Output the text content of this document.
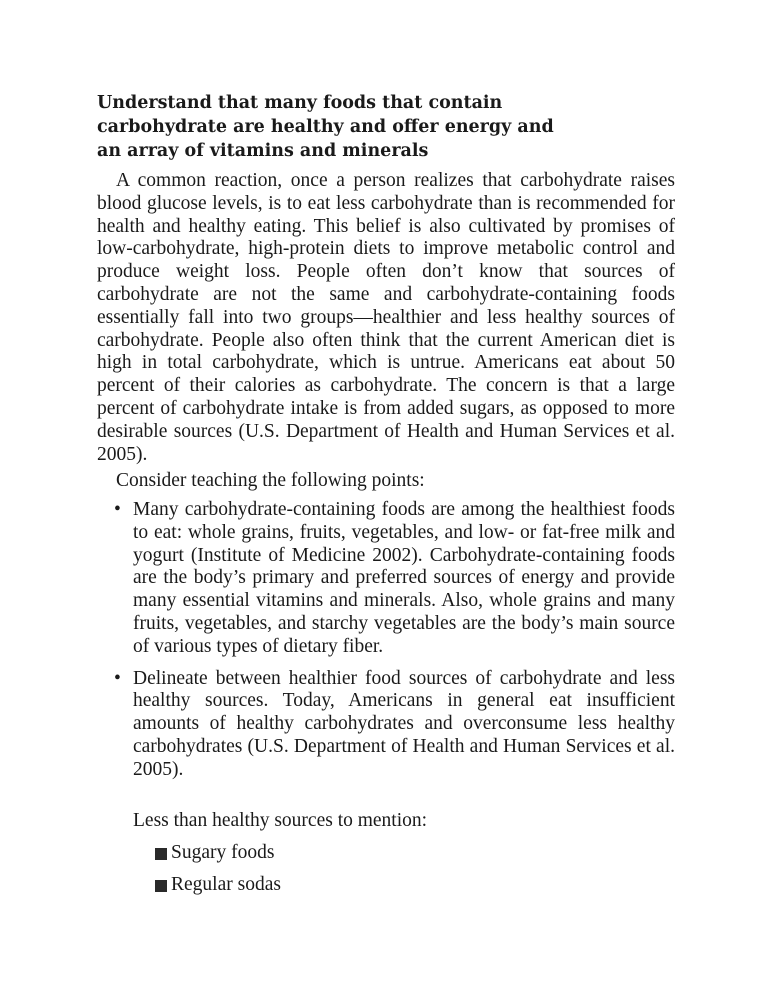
Understand that many foods that contain carbohydrate are healthy and offer energy and an array of vitamins and minerals

A common reaction, once a person realizes that carbohydrate raises blood glucose levels, is to eat less carbohydrate than is recommended for health and healthy eating. This belief is also cultivated by promises of low-carbohydrate, high-protein diets to improve metabolic control and produce weight loss. People often don’t know that sources of carbohydrate are not the same and carbohydrate-containing foods essentially fall into two groups—healthier and less healthy sources of carbohydrate. People also often think that the current American diet is high in total carbohydrate, which is untrue. Americans eat about 50 percent of their calories as carbohydrate. The concern is that a large percent of carbohydrate intake is from added sugars, as opposed to more desirable sources (U.S. Department of Health and Human Services et al. 2005).

Consider teaching the following points:

• Many carbohydrate-containing foods are among the healthiest foods to eat: whole grains, fruits, vegetables, and low- or fat-free milk and yogurt (Institute of Medicine 2002). Carbohydrate-containing foods are the body’s primary and preferred sources of energy and provide many essential vitamins and minerals. Also, whole grains and many fruits, vegetables, and starchy vegetables are the body’s main source of various types of dietary fiber.
• Delineate between healthier food sources of carbohydrate and less healthy sources. Today, Americans in general eat insufficient amounts of healthy carbohydrates and overconsume less healthy carbohydrates (U.S. Department of Health and Human Services et al. 2005).

Less than healthy sources to mention:

Sugary foods
Regular sodas
